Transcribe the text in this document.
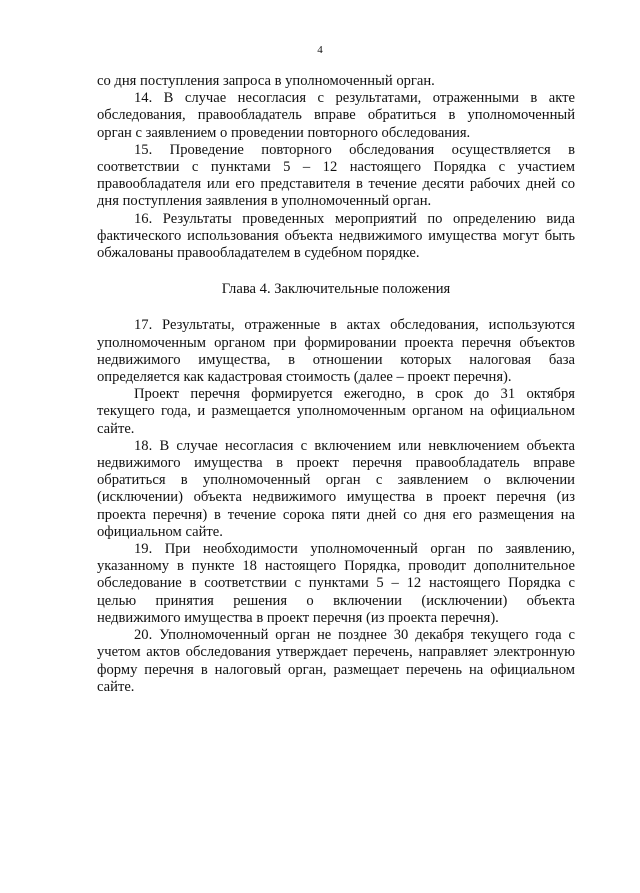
4
со дня поступления запроса в уполномоченный орган.
14. В случае несогласия с результатами, отраженными в акте
обследования, правообладатель вправе обратиться в уполномоченный
орган с заявлением о проведении повторного обследования.
15. Проведение повторного обследования осуществляется в
соответствии с пунктами 5 – 12 настоящего Порядка с участием
правообладателя или его представителя в течение десяти рабочих дней со
дня поступления заявления в уполномоченный орган.
16. Результаты проведенных мероприятий по определению вида
фактического использования объекта недвижимого имущества могут быть
обжалованы правообладателем в судебном порядке.

Глава 4. Заключительные положения

17. Результаты, отраженные в актах обследования, используются
уполномоченным органом при формировании проекта перечня объектов
недвижимого имущества, в отношении которых налоговая база
определяется как кадастровая стоимость (далее – проект перечня).
Проект перечня формируется ежегодно, в срок до 31 октября
текущего года, и размещается уполномоченным органом на официальном
сайте.
18. В случае несогласия с включением или невключением объекта
недвижимого имущества в проект перечня правообладатель вправе
обратиться в уполномоченный орган с заявлением о включении
(исключении) объекта недвижимого имущества в проект перечня (из
проекта перечня) в течение сорока пяти дней со дня его размещения на
официальном сайте.
19. При необходимости уполномоченный орган по заявлению,
указанному в пункте 18 настоящего Порядка, проводит дополнительное
обследование в соответствии с пунктами 5 – 12 настоящего Порядка с
целью принятия решения о включении (исключении) объекта
недвижимого имущества в проект перечня (из проекта перечня).
20. Уполномоченный орган не позднее 30 декабря текущего года с
учетом актов обследования утверждает перечень, направляет электронную
форму перечня в налоговый орган, размещает перечень на официальном
сайте.
